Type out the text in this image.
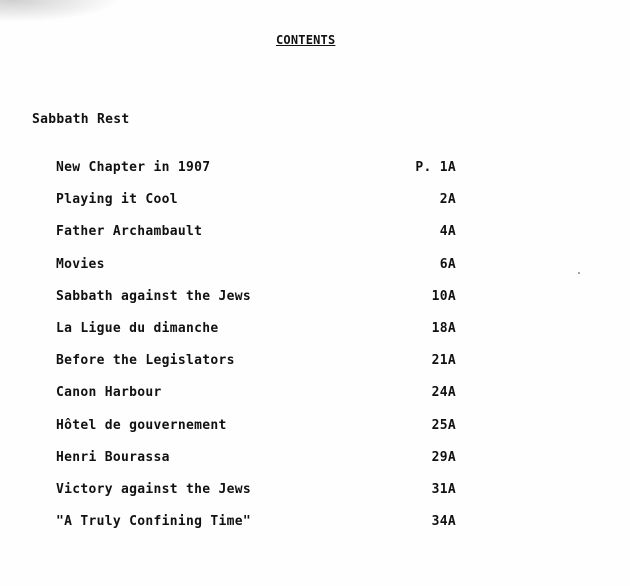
CONTENTS
Sabbath Rest
New Chapter in 1907	P. 1A
Playing it Cool	2A
Father Archambault	4A
Movies	6A
Sabbath against the Jews	10A
La Ligue du dimanche	18A
Before the Legislators	21A
Canon Harbour	24A
Hôtel de gouvernement	25A
Henri Bourassa	29A
Victory against the Jews	31A
"A Truly Confining Time"	34A
